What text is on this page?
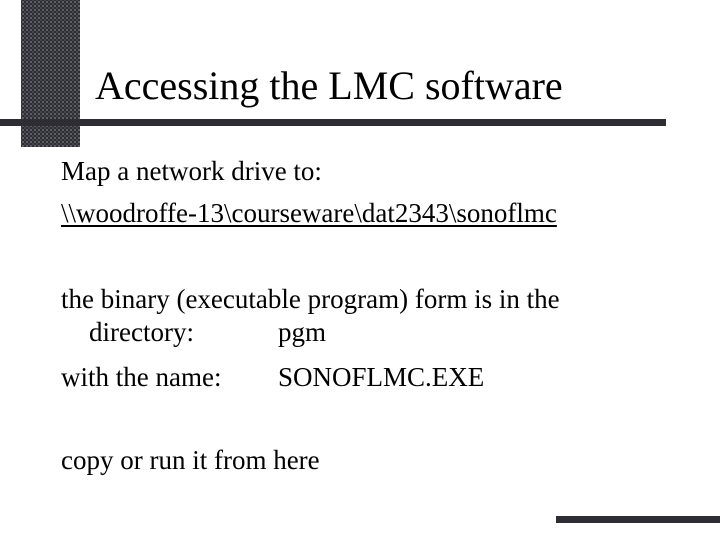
Accessing the LMC software
Map a network drive to:
\\woodroffe-13\courseware\dat2343\sonoflmc
the binary (executable program) form is in the
directory:	pgm
with the name: SONOFLMC.EXE
copy or run it from here
